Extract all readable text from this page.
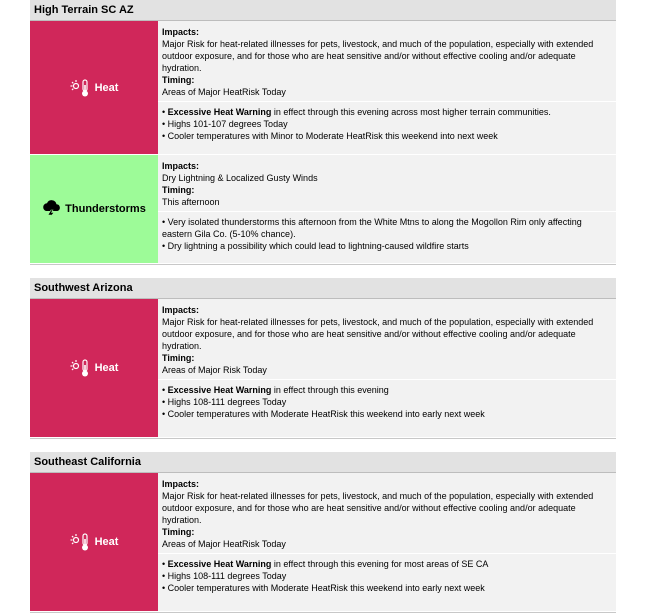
High Terrain SC AZ
Heat
Impacts:
Major Risk for heat-related illnesses for pets, livestock, and much of the population, especially with extended outdoor exposure, and for those who are heat sensitive and/or without effective cooling and/or adequate hydration.
Timing:
Areas of Major HeatRisk Today
• Excessive Heat Warning in effect through this evening across most higher terrain communities.
• Highs 101-107 degrees Today
• Cooler temperatures with Minor to Moderate HeatRisk this weekend into next week
Thunderstorms
Impacts:
Dry Lightning & Localized Gusty Winds
Timing:
This afternoon
• Very isolated thunderstorms this afternoon from the White Mtns to along the Mogollon Rim only affecting eastern Gila Co. (5-10% chance).
• Dry lightning a possibility which could lead to lightning-caused wildfire starts
Southwest Arizona
Heat
Impacts:
Major Risk for heat-related illnesses for pets, livestock, and much of the population, especially with extended outdoor exposure, and for those who are heat sensitive and/or without effective cooling and/or adequate hydration.
Timing:
Areas of Major Risk Today
• Excessive Heat Warning in effect through this evening
• Highs 108-111 degrees Today
• Cooler temperatures with Moderate HeatRisk this weekend into early next week
Southeast California
Heat
Impacts:
Major Risk for heat-related illnesses for pets, livestock, and much of the population, especially with extended outdoor exposure, and for those who are heat sensitive and/or without effective cooling and/or adequate hydration.
Timing:
Areas of Major HeatRisk Today
• Excessive Heat Warning in effect through this evening for most areas of SE CA
• Highs 108-111 degrees Today
• Cooler temperatures with Moderate HeatRisk this weekend into early next week
